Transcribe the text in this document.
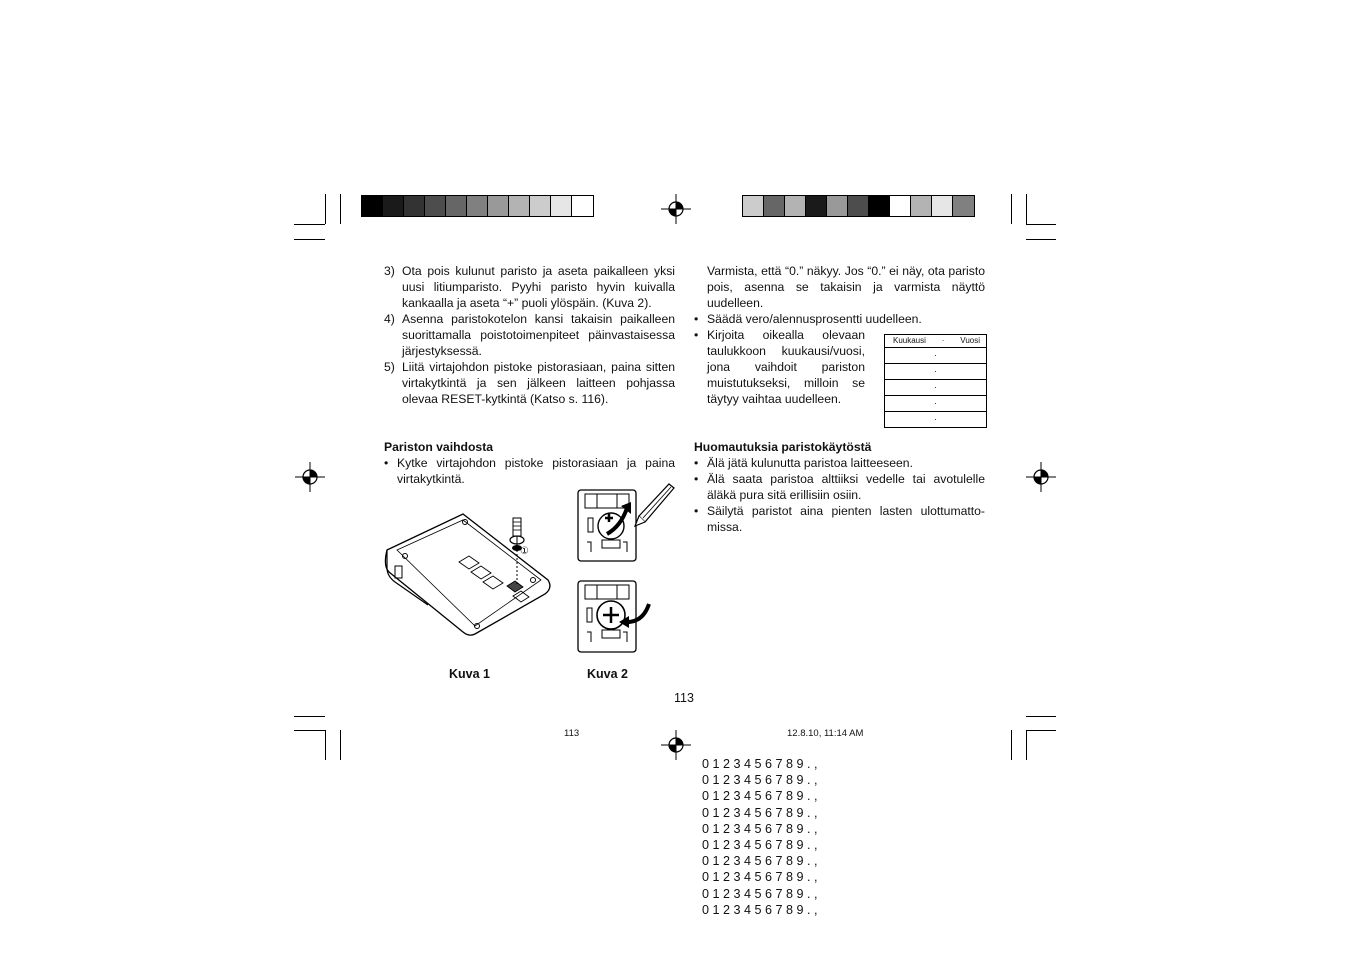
3) Ota pois kulunut paristo ja aseta paikalleen yksi uusi litiumparisto. Pyyhi paristo hyvin kuivalla kankaalla ja aseta “+” puoli ylöspäin. (Kuva 2).
4) Asenna paristokotelon kansi takaisin paikalleen suorittamalla poistotoimenpiteet päinvastaisessa järjestyksessä.
5) Liitä virtajohdon pistoke pistorasiaan, paina sitten virtakytkintä ja sen jälkeen laitteen pohjassa olevaa RESET-kytkintä (Katso s. 116).
Pariston vaihdosta
• Kytke virtajohdon pistoke pistorasiaan ja paina virtakytkintä.
①
Kuva 1	Kuva 2
Varmista, että “0.” näkyy. Jos “0.” ei näy, ota paristo pois, asenna se takaisin ja varmista näyttö uudelleen.
• Säädä vero/alennusprosentti uudelleen.
• Kirjoita oikealla olevaan taulukkoon kuukausi/vuosi, jona vaihdoit pariston muistutukseksi, milloin se täytyy vaihtaa uudelleen.
Kuukausi · Vuosi
.
.
.
.
.
Huomautuksia paristokäytöstä
• Älä jätä kulunutta paristoa laitteeseen.
• Älä saata paristoa alttiiksi vedelle tai avotulelle äläkä pura sitä erillisiin osiin.
• Säilytä paristot aina pienten lasten ulottumatto-missa.
113
113	12.8.10, 11:14 AM
0 1 2 3 4 5 6 7 8 9 . ,
0 1 2 3 4 5 6 7 8 9 . ,
0 1 2 3 4 5 6 7 8 9 . ,
0 1 2 3 4 5 6 7 8 9 . ,
0 1 2 3 4 5 6 7 8 9 . ,
0 1 2 3 4 5 6 7 8 9 . ,
0 1 2 3 4 5 6 7 8 9 . ,
0 1 2 3 4 5 6 7 8 9 . ,
0 1 2 3 4 5 6 7 8 9 . ,
0 1 2 3 4 5 6 7 8 9 . ,
